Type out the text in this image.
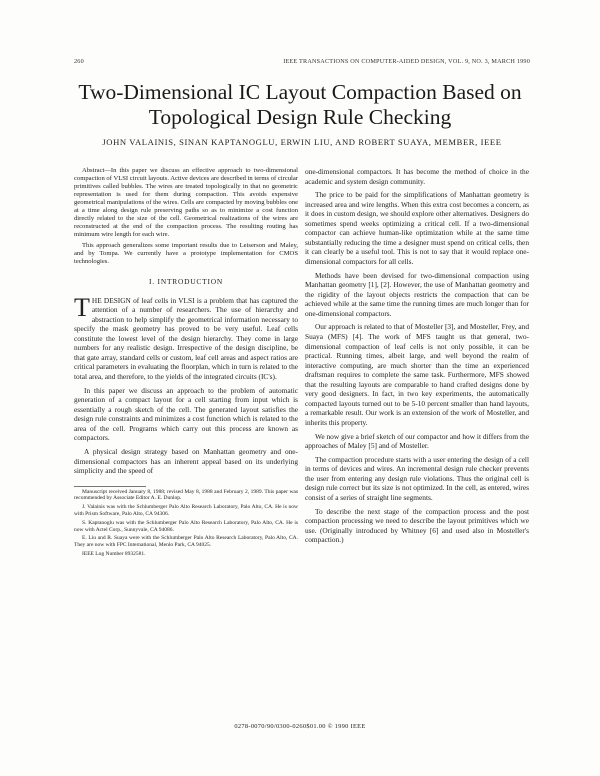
260	IEEE TRANSACTIONS ON COMPUTER-AIDED DESIGN, VOL. 9, NO. 3, MARCH 1990
Two-Dimensional IC Layout Compaction Based on
Topological Design Rule Checking
JOHN VALAINIS, SINAN KAPTANOGLU, ERWIN LIU, AND ROBERT SUAYA, MEMBER, IEEE

Abstract—In this paper we discuss an effective approach to two-dimensional compaction of VLSI circuit layouts. Active devices are described in terms of circular primitives called bubbles. The wires are treated topologically in that no geometric representation is used for them during compaction. This avoids expensive geometrical manipulations of the wires. Cells are compacted by moving bubbles one at a time along design rule preserving paths so as to minimize a cost function directly related to the size of the cell. Geometrical realizations of the wires are reconstructed at the end of the compaction process. The resulting routing has minimum wire length for each wire.

This approach generalizes some important results due to Leiserson and Maley, and by Tompa. We currently have a prototype implementation for CMOS technologies.

I. INTRODUCTION

THE DESIGN of leaf cells in VLSI is a problem that has captured the attention of a number of researchers. The use of hierarchy and abstraction to help simplify the geometrical information necessary to specify the mask geometry has proved to be very useful. Leaf cells constitute the lowest level of the design hierarchy. They come in large numbers for any realistic design. Irrespective of the design discipline, be that gate array, standard cells or custom, leaf cell areas and aspect ratios are critical parameters in evaluating the floorplan, which in turn is related to the total area, and therefore, to the yields of the integrated circuits (IC's).

In this paper we discuss an approach to the problem of automatic generation of a compact layout for a cell starting from input which is essentially a rough sketch of the cell. The generated layout satisfies the design rule constraints and minimizes a cost function which is related to the area of the cell. Programs which carry out this process are known as compactors.

A physical design strategy based on Manhattan geometry and one-dimensional compactors has an inherent appeal based on its underlying simplicity and the speed of

Manuscript received January 8, 1988; revised May 8, 1988 and February 2, 1989. This paper was recommended by Associate Editor A. E. Dunlop.

J. Valainis was with the Schlumberger Palo Alto Research Laboratory, Palo Alto, CA. He is now with Prism Software, Palo Alto, CA 94306.

S. Kaptanoglu was with the Schlumberger Palo Alto Research Laboratory, Palo Alto, CA. He is now with Actel Corp., Sunnyvale, CA 94086.

E. Liu and R. Suaya were with the Schlumberger Palo Alto Research Laboratory, Palo Alto, CA. They are now with FPC International, Menlo Park, CA 94025.

IEEE Log Number 8932581.

one-dimensional compactors. It has become the method of choice in the academic and system design community.

The price to be paid for the simplifications of Manhattan geometry is increased area and wire lengths. When this extra cost becomes a concern, as it does in custom design, we should explore other alternatives. Designers do sometimes spend weeks optimizing a critical cell. If a two-dimensional compactor can achieve human-like optimization while at the same time substantially reducing the time a designer must spend on critical cells, then it can clearly be a useful tool. This is not to say that it would replace one-dimensional compactors for all cells.

Methods have been devised for two-dimensional compaction using Manhattan geometry [1], [2]. However, the use of Manhattan geometry and the rigidity of the layout objects restricts the compaction that can be achieved while at the same time the running times are much longer than for one-dimensional compactors.

Our approach is related to that of Mosteller [3], and Mosteller, Frey, and Suaya (MFS) [4]. The work of MFS taught us that general, two-dimensional compaction of leaf cells is not only possible, it can be practical. Running times, albeit large, and well beyond the realm of interactive computing, are much shorter than the time an experienced draftsman requires to complete the same task. Furthermore, MFS showed that the resulting layouts are comparable to hand crafted designs done by very good designers. In fact, in two key experiments, the automatically compacted layouts turned out to be 5-10 percent smaller than hand layouts, a remarkable result. Our work is an extension of the work of Mosteller, and inherits this property.

We now give a brief sketch of our compactor and how it differs from the approaches of Maley [5] and of Mosteller.

The compaction procedure starts with a user entering the design of a cell in terms of devices and wires. An incremental design rule checker prevents the user from entering any design rule violations. Thus the original cell is design rule correct but its size is not optimized. In the cell, as entered, wires consist of a series of straight line segments.

To describe the next stage of the compaction process and the post compaction processing we need to describe the layout primitives which we use. (Originally introduced by Whitney [6] and used also in Mosteller's compaction.)

0278-0070/90/0300-0260$01.00 © 1990 IEEE
